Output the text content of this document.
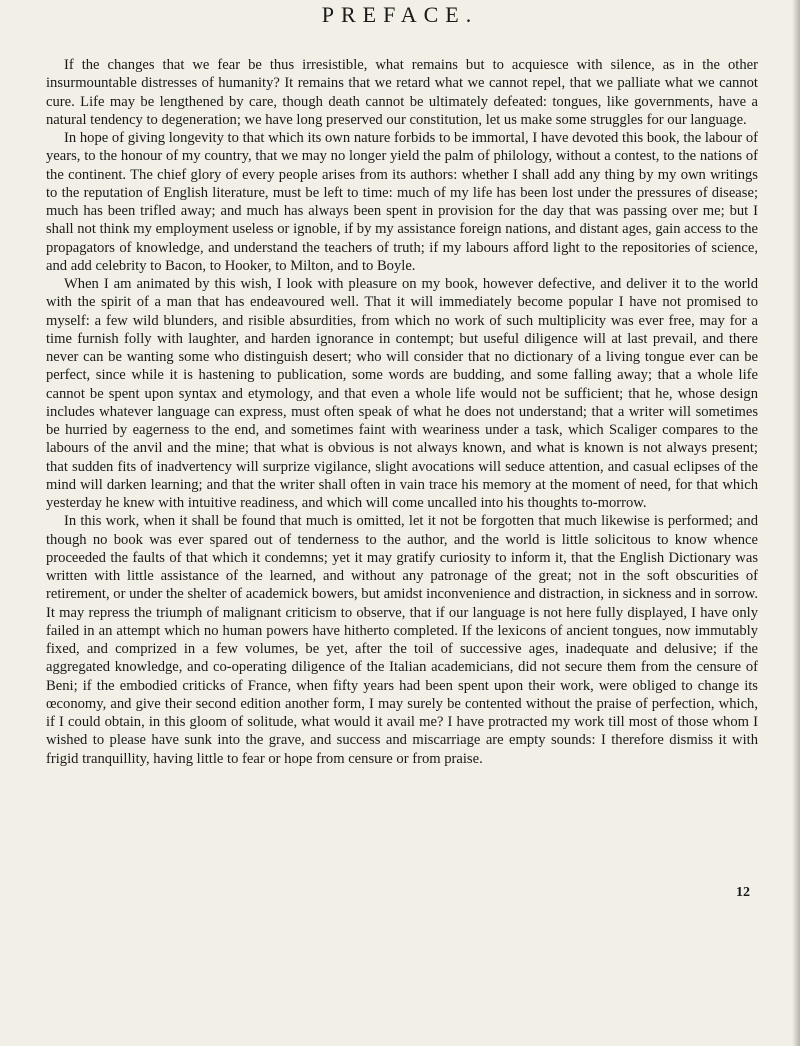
PREFACE.

If the changes that we fear be thus irresistible, what remains but to acquiesce with silence, as in the other insurmountable distresses of humanity? It remains that we retard what we cannot repel, that we palliate what we cannot cure. Life may be lengthened by care, though death cannot be ultimately defeated: tongues, like governments, have a natural tendency to degeneration; we have long preserved our constitution, let us make some struggles for our language.

In hope of giving longevity to that which its own nature forbids to be immortal, I have devoted this book, the labour of years, to the honour of my country, that we may no longer yield the palm of philology, without a contest, to the nations of the continent. The chief glory of every people arises from its authors: whether I shall add any thing by my own writings to the reputation of English literature, must be left to time: much of my life has been lost under the pressures of disease; much has been trifled away; and much has always been spent in provision for the day that was passing over me; but I shall not think my employment useless or ignoble, if by my assistance foreign nations, and distant ages, gain access to the propagators of knowledge, and understand the teachers of truth; if my labours afford light to the repositories of science, and add celebrity to Bacon, to Hooker, to Milton, and to Boyle.

When I am animated by this wish, I look with pleasure on my book, however defective, and deliver it to the world with the spirit of a man that has endeavoured well. That it will immediately become popular I have not promised to myself: a few wild blunders, and risible absurdities, from which no work of such multiplicity was ever free, may for a time furnish folly with laughter, and harden ignorance in contempt; but useful diligence will at last prevail, and there never can be wanting some who distinguish desert; who will consider that no dictionary of a living tongue ever can be perfect, since while it is hastening to publication, some words are budding, and some falling away; that a whole life cannot be spent upon syntax and etymology, and that even a whole life would not be sufficient; that he, whose design includes whatever language can express, must often speak of what he does not understand; that a writer will sometimes be hurried by eagerness to the end, and sometimes faint with weariness under a task, which Scaliger compares to the labours of the anvil and the mine; that what is obvious is not always known, and what is known is not always present; that sudden fits of inadvertency will surprize vigilance, slight avocations will seduce attention, and casual eclipses of the mind will darken learning; and that the writer shall often in vain trace his memory at the moment of need, for that which yesterday he knew with intuitive readiness, and which will come uncalled into his thoughts to-morrow.

In this work, when it shall be found that much is omitted, let it not be forgotten that much likewise is performed; and though no book was ever spared out of tenderness to the author, and the world is little solicitous to know whence proceeded the faults of that which it condemns; yet it may gratify curiosity to inform it, that the English Dictionary was written with little assistance of the learned, and without any patronage of the great; not in the soft obscurities of retirement, or under the shelter of academick bowers, but amidst inconvenience and distraction, in sickness and in sorrow. It may repress the triumph of malignant criticism to observe, that if our language is not here fully displayed, I have only failed in an attempt which no human powers have hitherto completed. If the lexicons of ancient tongues, now immutably fixed, and comprized in a few volumes, be yet, after the toil of successive ages, inadequate and delusive; if the aggregated knowledge, and co-operating diligence of the Italian academicians, did not secure them from the censure of Beni; if the embodied criticks of France, when fifty years had been spent upon their work, were obliged to change its œconomy, and give their second edition another form, I may surely be contented without the praise of perfection, which, if I could obtain, in this gloom of solitude, what would it avail me? I have protracted my work till most of those whom I wished to please have sunk into the grave, and success and miscarriage are empty sounds: I therefore dismiss it with frigid tranquillity, having little to fear or hope from censure or from praise.

12
